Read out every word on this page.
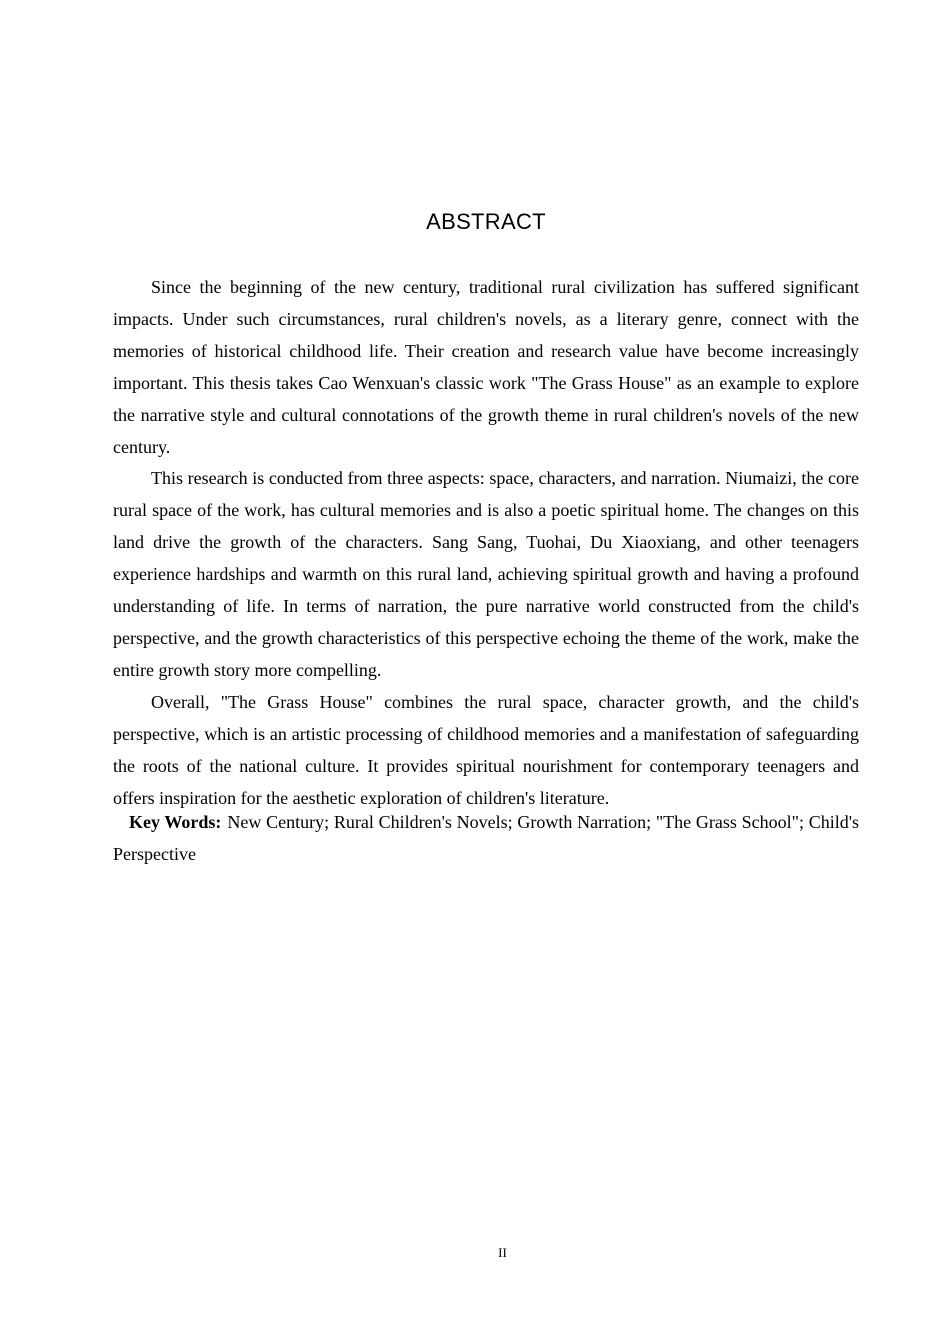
ABSTRACT

Since the beginning of the new century, traditional rural civilization has suffered significant impacts. Under such circumstances, rural children's novels, as a literary genre, connect with the memories of historical childhood life. Their creation and research value have become increasingly important. This thesis takes Cao Wenxuan's classic work "The Grass House" as an example to explore the narrative style and cultural connotations of the growth theme in rural children's novels of the new century.

This research is conducted from three aspects: space, characters, and narration. Niumaizi, the core rural space of the work, has cultural memories and is also a poetic spiritual home. The changes on this land drive the growth of the characters. Sang Sang, Tuohai, Du Xiaoxiang, and other teenagers experience hardships and warmth on this rural land, achieving spiritual growth and having a profound understanding of life. In terms of narration, the pure narrative world constructed from the child's perspective, and the growth characteristics of this perspective echoing the theme of the work, make the entire growth story more compelling.

Overall, "The Grass House" combines the rural space, character growth, and the child's perspective, which is an artistic processing of childhood memories and a manifestation of safeguarding the roots of the national culture. It provides spiritual nourishment for contemporary teenagers and offers inspiration for the aesthetic exploration of children's literature.

Key Words: New Century; Rural Children's Novels; Growth Narration; "The Grass School"; Child's Perspective

II
